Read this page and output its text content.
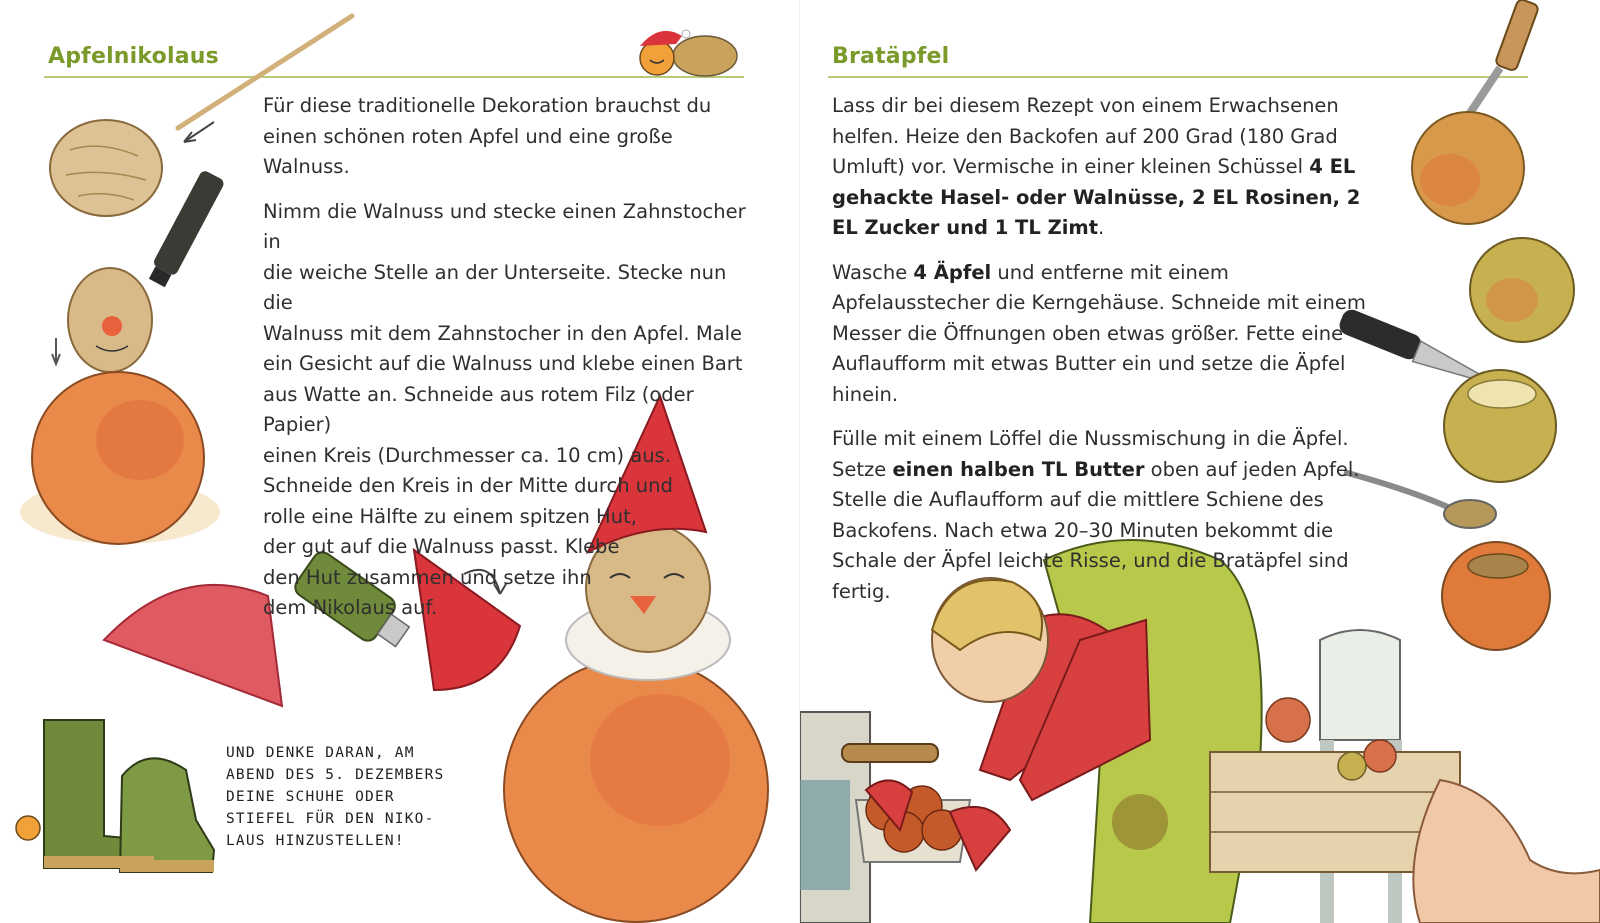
Apfelnikolaus

Für diese traditionelle Dekoration brauchst du einen schönen roten Apfel und eine große Walnuss.

Nimm die Walnuss und stecke einen Zahnstocher in
die weiche Stelle an der Unterseite. Stecke nun die
Walnuss mit dem Zahnstocher in den Apfel. Male
ein Gesicht auf die Walnuss und klebe einen Bart
aus Watte an. Schneide aus rotem Filz (oder Papier)
einen Kreis (Durchmesser ca. 10 cm) aus.
Schneide den Kreis in der Mitte durch und
rolle eine Hälfte zu einem spitzen Hut,
der gut auf die Walnuss passt. Klebe
den Hut zusammen und setze ihn
dem Nikolaus auf.
UND DENKE DARAN, AM
ABEND DES 5. DEZEMBERS
DEINE SCHUHE ODER
STIEFEL FÜR DEN NIKO-
LAUS HINZUSTELLEN!
Bratäpfel

Lass dir bei diesem Rezept von einem Erwachsenen helfen. Heize den Backofen auf 200 Grad (180 Grad Umluft) vor. Vermische in einer kleinen Schüssel 4 EL gehackte Hasel- oder Walnüsse, 2 EL Rosinen, 2 EL Zucker und 1 TL Zimt.

Wasche 4 Äpfel und entferne mit einem Apfelausstecher die Kerngehäuse. Schneide mit einem Messer die Öffnungen oben etwas größer. Fette eine Auflaufform mit etwas Butter ein und setze die Äpfel hinein.

Fülle mit einem Löffel die Nussmischung in die Äpfel. Setze einen halben TL Butter oben auf jeden Apfel. Stelle die Auflaufform auf die mittlere Schiene des Backofens. Nach etwa 20–30 Minuten bekommt die Schale der Äpfel leichte Risse, und die Bratäpfel sind fertig.
